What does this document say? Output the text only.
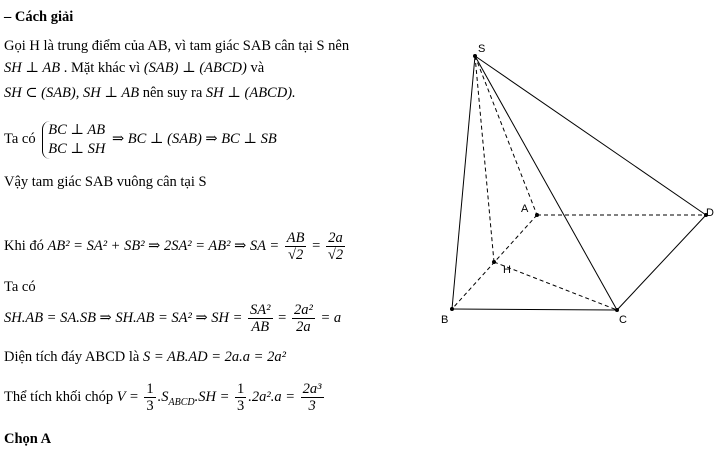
– Cách giải
Gọi H là trung điểm của AB, vì tam giác SAB cân tại S nên
SH ⊥ AB . Mặt khác vì (SAB) ⊥ (ABCD) và
SH ⊂ (SAB), SH ⊥ AB nên suy ra SH ⊥ (ABCD).
Ta có
BC ⊥ AB
BC ⊥ SH
⇒ BC ⊥ (SAB) ⇒ BC ⊥ SB
Vậy tam giác SAB vuông cân tại S
Khi đó AB² = SA² + SB² ⇒ 2SA² = AB² ⇒ SA = $\frac{AB}{√2} = \frac{2a}{√2}$
Ta có
SH.AB = SA.SB ⇒ SH.AB = SA² ⇒ SH = $\frac{\text{SA²}}{AB} = \frac{\text{2a²}}{2a} = a$
Diện tích đáy ABCD là S = AB.AD = 2a.a = 2a²
Thể tích khối chóp $V = \frac{1}{3} .S_{ABCD}.SH = \frac{1}{3} .2a^2.a = \frac{\text{2a³}}{3}$
Chọn A
S
A
B	C
D
H
